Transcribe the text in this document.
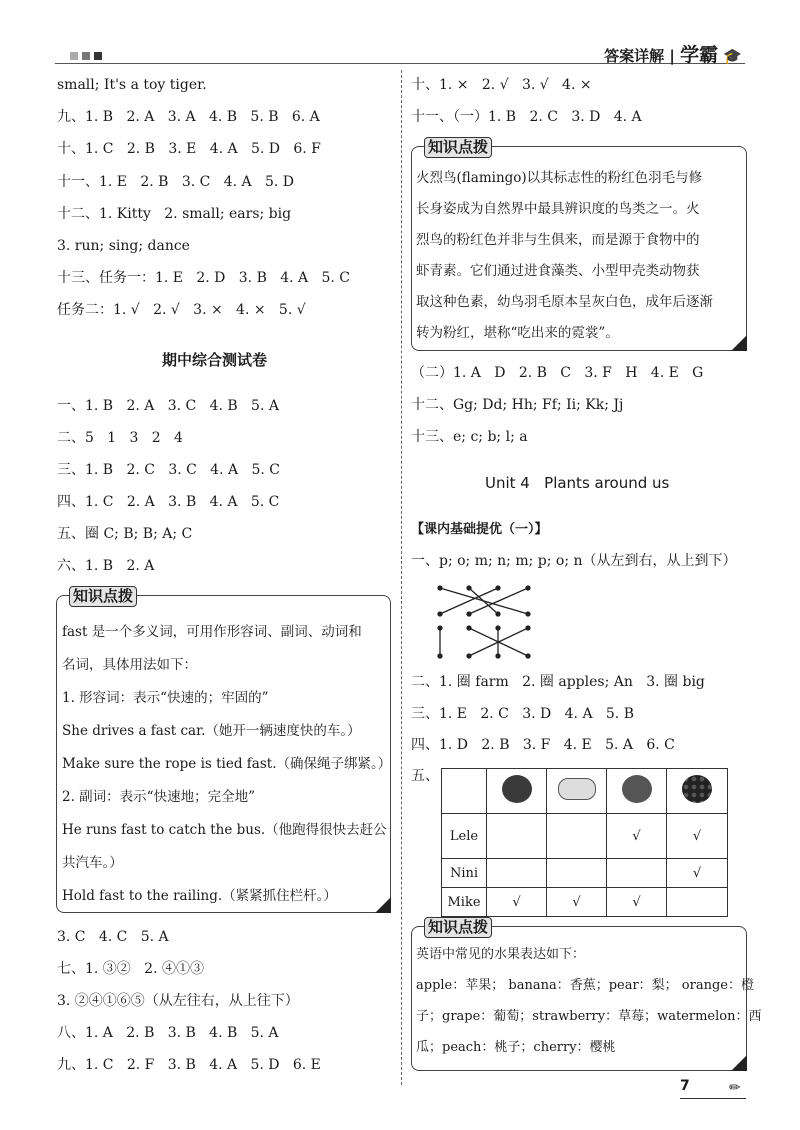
答案详解 | 学霸 🎓
期中综合测试卷
知识点拨
知识点拨
Unit 4   Plants around us
【课内基础提优（一）】
一、p; o; m; n; m; p; o; n（从左到右，从上到下）
五、

Lele			√	√
Nini				√
Mike	√	√	√	
知识点拨
7	✏
small; It's a toy tiger.
九、1. B   2. A   3. A   4. B   5. B   6. A
十、1. C   2. B   3. E   4. A   5. D   6. F
十一、1. E   2. B   3. C   4. A   5. D
十二、1. Kitty   2. small; ears; big
3. run; sing; dance
十三、任务一：1. E   2. D   3. B   4. A   5. C
任务二：1. √   2. √   3. ×   4. ×   5. √
一、1. B   2. A   3. C   4. B   5. A
二、5   1   3   2   4
三、1. B   2. C   3. C   4. A   5. C
四、1. C   2. A   3. B   4. A   5. C
五、圈 C; B; B; A; C
六、1. B   2. A
fast 是一个多义词，可用作形容词、副词、动词和
名词，具体用法如下：
1. 形容词：表示“快速的；牢固的”
She drives a fast car.（她开一辆速度快的车。）
Make sure the rope is tied fast.（确保绳子绑紧。）
2. 副词：表示“快速地；完全地”
He runs fast to catch the bus.（他跑得很快去赶公
共汽车。）
Hold fast to the railing.（紧紧抓住栏杆。）
3. C   4. C   5. A
七、1. ③②   2. ④①③
3. ②④①⑥⑤（从左往右，从上往下）
八、1. A   2. B   3. B   4. B   5. A
九、1. C   2. F   3. B   4. A   5. D   6. E
十、1. ×   2. √   3. √   4. ×
十一、（一）1. B   2. C   3. D   4. A
火烈鸟(flamingo)以其标志性的粉红色羽毛与修
长身姿成为自然界中最具辨识度的鸟类之一。火
烈鸟的粉红色并非与生俱来，而是源于食物中的
虾青素。它们通过进食藻类、小型甲壳类动物获
取这种色素，幼鸟羽毛原本呈灰白色，成年后逐渐
转为粉红，堪称“吃出来的霓裳”。
（二）1. A   D   2. B   C   3. F   H   4. E   G
十二、Gg; Dd; Hh; Ff; Ii; Kk; Jj
十三、e; c; b; l; a
二、1. 圈 farm   2. 圈 apples; An   3. 圈 big
三、1. E   2. C   3. D   4. A   5. B
四、1. D   2. B   3. F   4. E   5. A   6. C
英语中常见的水果表达如下：
apple：苹果； banana：香蕉；pear：梨； orange：橙
子；grape：葡萄；strawberry：草莓；watermelon：西
瓜；peach：桃子；cherry：樱桃
